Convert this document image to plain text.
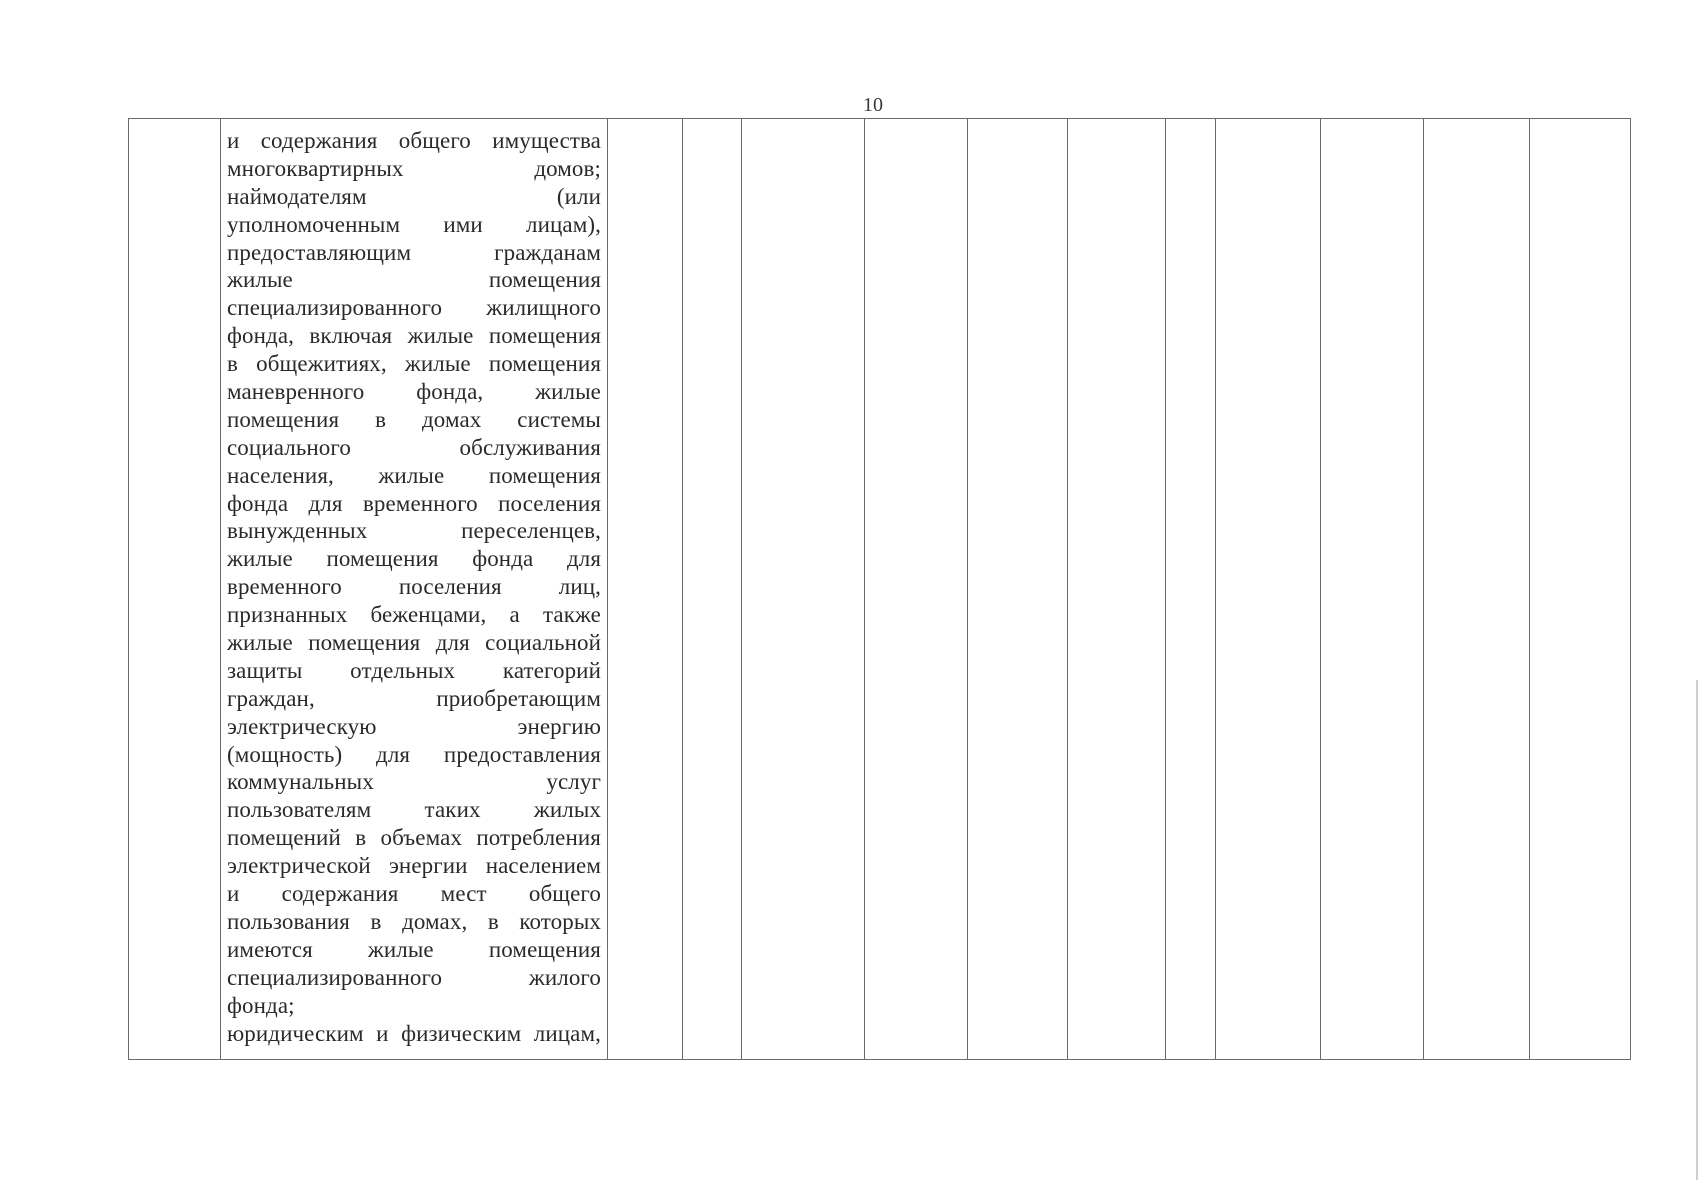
10

и содержания общего имущества
многоквартирных домов;
наймодателям (или
уполномоченным ими лицам),
предоставляющим гражданам
жилые помещения
специализированного жилищного
фонда, включая жилые помещения
в общежитиях, жилые помещения
маневренного фонда, жилые
помещения в домах системы
социального обслуживания
населения, жилые помещения
фонда для временного поселения
вынужденных переселенцев,
жилые помещения фонда для
временного поселения лиц,
признанных беженцами, а также
жилые помещения для социальной
защиты отдельных категорий
граждан, приобретающим
электрическую энергию
(мощность) для предоставления
коммунальных услуг
пользователям таких жилых
помещений в объемах потребления
электрической энергии населением
и содержания мест общего
пользования в домах, в которых
имеются жилые помещения
специализированного жилого
фонда;
юридическим и физическим лицам,
